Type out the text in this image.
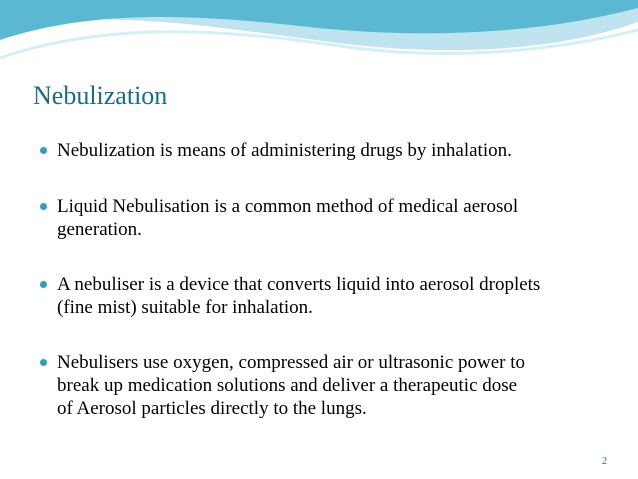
Nebulization
Nebulization is means of administering drugs by inhalation.
Liquid Nebulisation is a common method of medical aerosol
generation.
A nebuliser is a device that converts liquid into aerosol droplets
(fine mist) suitable for inhalation.
Nebulisers use oxygen, compressed air or ultrasonic power to
break up medication solutions and deliver a therapeutic dose
of Aerosol particles directly to the lungs.
2
